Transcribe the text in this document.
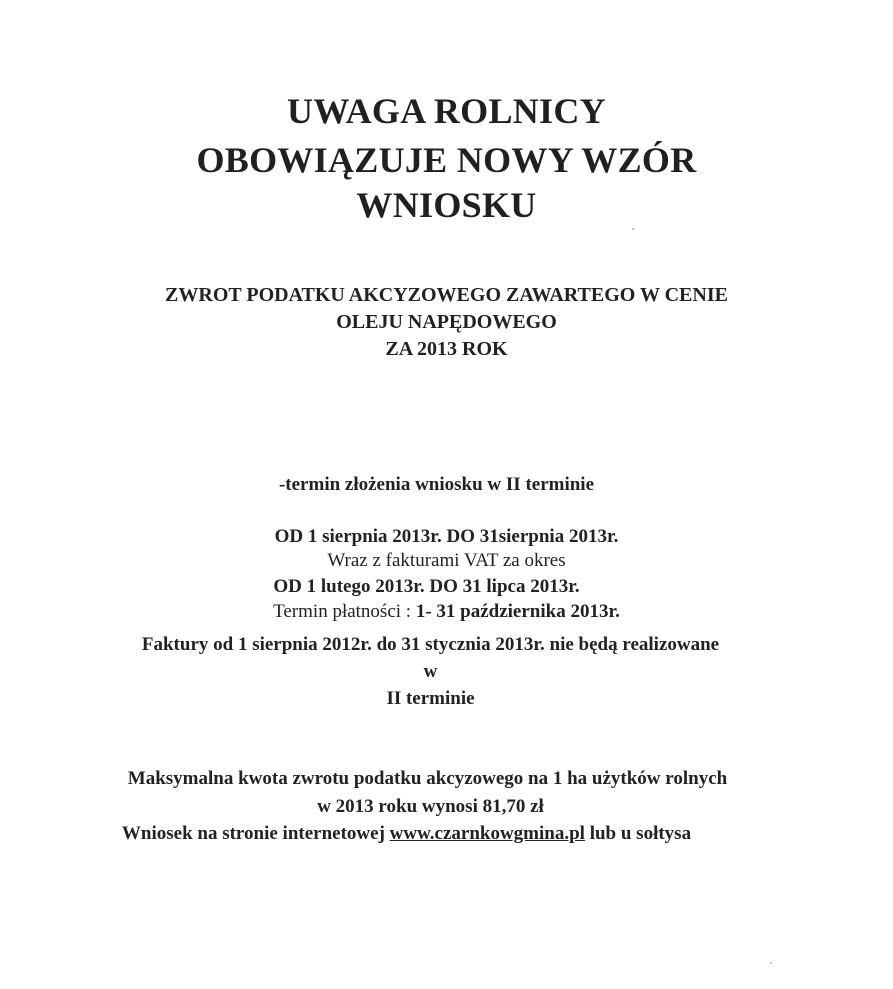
UWAGA ROLNICY
OBOWIĄZUJE NOWY WZÓR
WNIOSKU
ZWROT PODATKU AKCYZOWEGO ZAWARTEGO W CENIE
OLEJU NAPĘDOWEGO
ZA 2013 ROK
-termin złożenia wniosku w II terminie
OD 1 sierpnia 2013r. DO 31sierpnia 2013r.
Wraz z fakturami VAT za okres
OD 1 lutego 2013r. DO 31 lipca 2013r.
Termin płatności : 1- 31 października 2013r.
Faktury od 1 sierpnia 2012r. do 31 stycznia 2013r. nie będą realizowane
w
II terminie
Maksymalna kwota zwrotu podatku akcyzowego na 1 ha użytków rolnych
w 2013 roku wynosi 81,70 zł
Wniosek na stronie internetowej www.czarnkowgmina.pl lub u sołtysa
